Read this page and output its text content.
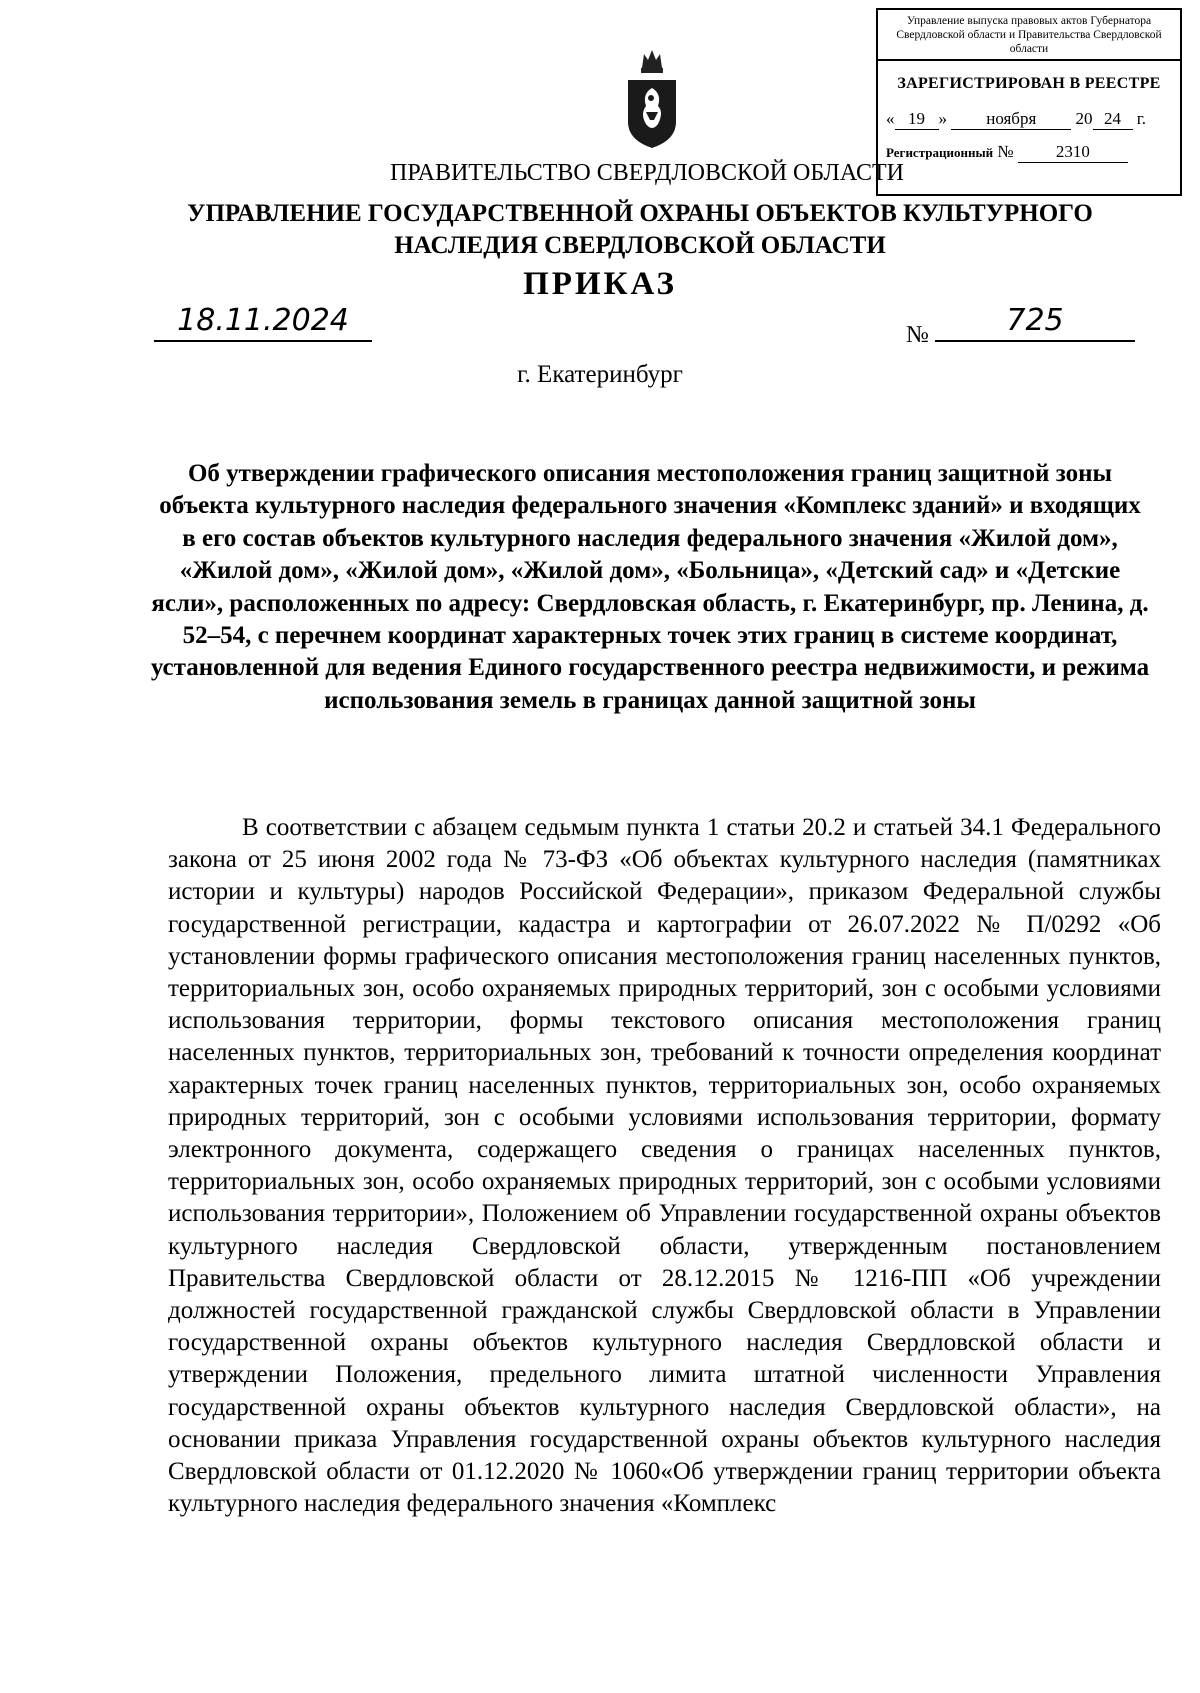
Управление выпуска правовых актов Губернатора Свердловской области и Правительства Свердловской области
ЗАРЕГИСТРИРОВАН В РЕЕСТРЕ
« 19 » ноября 20 24 г.
Регистрационный № 2310
ПРАВИТЕЛЬСТВО СВЕРДЛОВСКОЙ ОБЛАСТИ
УПРАВЛЕНИЕ ГОСУДАРСТВЕННОЙ ОХРАНЫ ОБЪЕКТОВ КУЛЬТУРНОГО НАСЛЕДИЯ СВЕРДЛОВСКОЙ ОБЛАСТИ
ПРИКАЗ
18.11.2024	№	725
г. Екатеринбург
Об утверждении графического описания местоположения границ защитной зоны объекта культурного наследия федерального значения «Комплекс зданий» и входящих в его состав объектов культурного наследия федерального значения «Жилой дом», «Жилой дом», «Жилой дом», «Жилой дом», «Больница», «Детский сад» и «Детские ясли», расположенных по адресу: Свердловская область, г. Екатеринбург, пр. Ленина, д. 52–54, с перечнем координат характерных точек этих границ в системе координат, установленной для ведения Единого государственного реестра недвижимости, и режима использования земель в границах данной защитной зоны
В соответствии с абзацем седьмым пункта 1 статьи 20.2 и статьей 34.1 Федерального закона от 25 июня 2002 года № 73-ФЗ «Об объектах культурного наследия (памятниках истории и культуры) народов Российской Федерации», приказом Федеральной службы государственной регистрации, кадастра и картографии от 26.07.2022 № П/0292 «Об установлении формы графического описания местоположения границ населенных пунктов, территориальных зон, особо охраняемых природных территорий, зон с особыми условиями использования территории, формы текстового описания местоположения границ населенных пунктов, территориальных зон, требований к точности определения координат характерных точек границ населенных пунктов, территориальных зон, особо охраняемых природных территорий, зон с особыми условиями использования территории, формату электронного документа, содержащего сведения о границах населенных пунктов, территориальных зон, особо охраняемых природных территорий, зон с особыми условиями использования территории», Положением об Управлении государственной охраны объектов культурного наследия Свердловской области, утвержденным постановлением Правительства Свердловской области от 28.12.2015 № 1216-ПП «Об учреждении должностей государственной гражданской службы Свердловской области в Управлении государственной охраны объектов культурного наследия Свердловской области и утверждении Положения, предельного лимита штатной численности Управления государственной охраны объектов культурного наследия Свердловской области», на основании приказа Управления государственной охраны объектов культурного наследия Свердловской области от 01.12.2020 № 1060«Об утверждении границ территории объекта культурного наследия федерального значения «Комплекс
